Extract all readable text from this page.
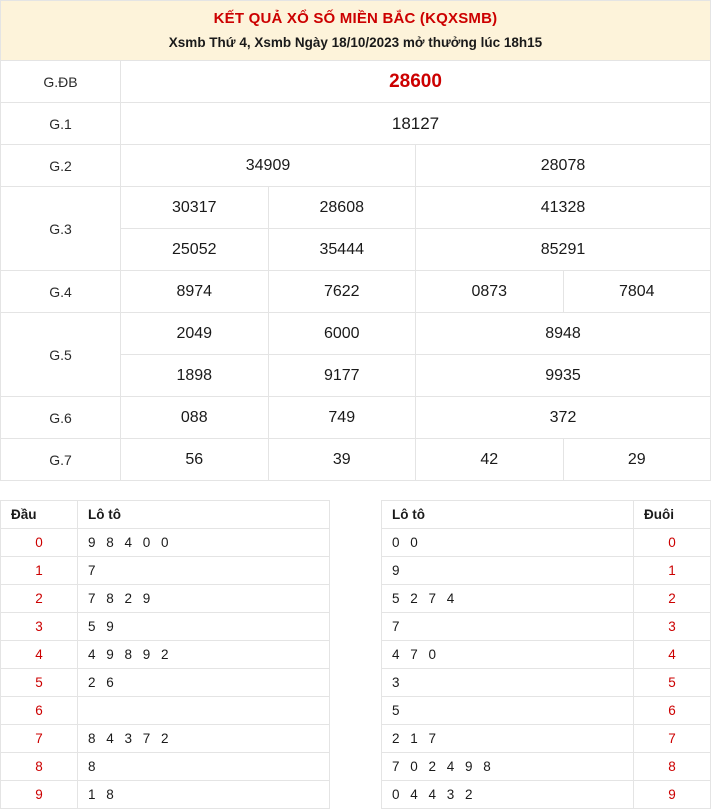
KẾT QUẢ XỔ SỐ MIỀN BẮC (KQXSMB)
Xsmb Thứ 4, Xsmb Ngày 18/10/2023 mở thưởng lúc 18h15
G.ĐB	28600			
G.1	18127			
G.2	34909		28078	
G.3	30317	28608	41328	
	25052	35444	85291	
G.4	8974	7622	0873	7804
G.5	2049	6000	8948	
	1898	9177	9935	
G.6	088	749	372	
G.7	56	39	42	29
Đầu	Lô tô
0	9 8 4 0 0
1	7
2	7 8 2 9
3	5 9
4	4 9 8 9 2
5	2 6
6	
7	8 4 3 7 2
8	8
9	1 8
Lô tô	Đuôi
0 0	0
9	1
5 2 7 4	2
7	3
4 7 0	4
3	5
5	6
2 1 7	7
7 0 2 4 9 8	8
0 4 4 3 2	9
